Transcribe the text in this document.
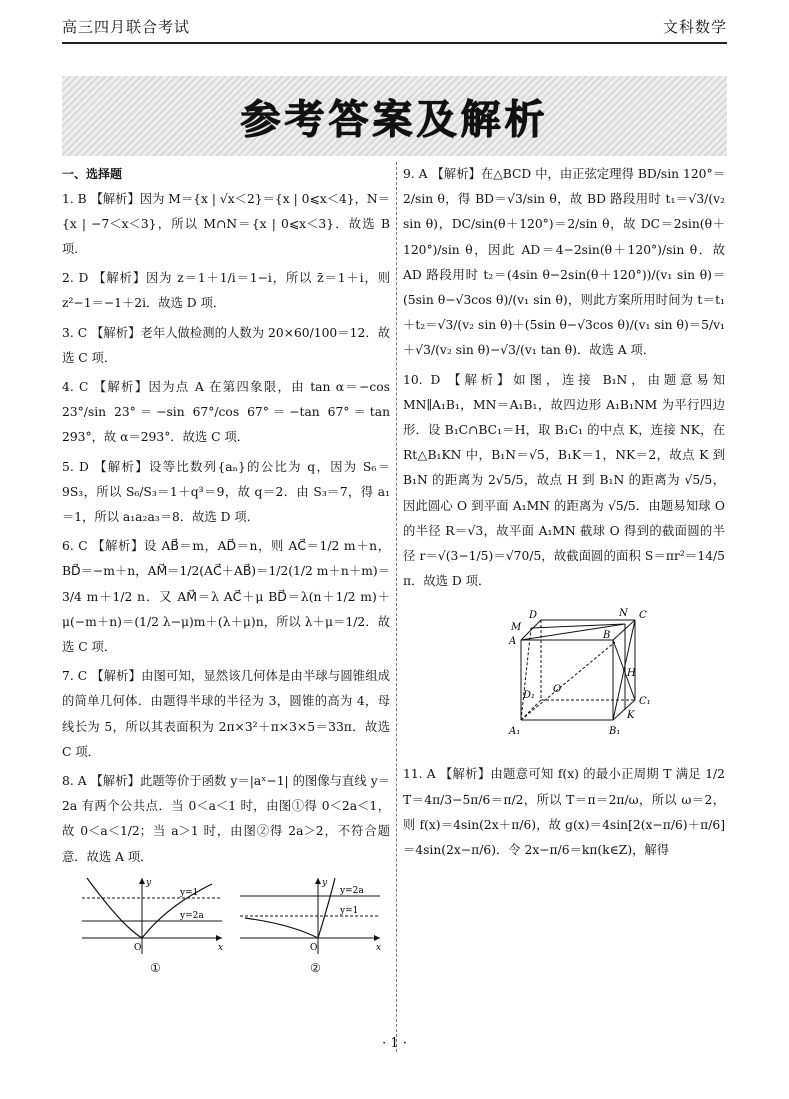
高三四月联合考试	文科数学
参考答案及解析
一、选择题
1. B 【解析】因为 M＝{x | √x＜2}＝{x | 0⩽x＜4}，N＝{x | −7＜x＜3}，所以 M∩N＝{x | 0⩽x＜3}．故选 B 项．
2. D 【解析】因为 z＝1＋1/i＝1−i，所以 z̄＝1＋i，则 z²−1＝−1＋2i．故选 D 项．
3. C 【解析】老年人做检测的人数为 20×60/100＝12．故选 C 项．
4. C 【解析】因为点 A 在第四象限，由 tan α＝−cos 23°/sin 23°＝−sin 67°/cos 67°＝−tan 67°＝tan 293°，故 α＝293°．故选 C 项．
5. D 【解析】设等比数列{aₙ}的公比为 q，因为 S₆＝9S₃，所以 S₆/S₃＝1＋q³＝9，故 q＝2．由 S₃＝7，得 a₁＝1，所以 a₁a₂a₃＝8．故选 D 项．
6. C 【解析】设 AB⃗＝m，AD⃗＝n，则 AC⃗＝1/2 m＋n，BD⃗＝−m＋n，AM⃗＝1/2(AC⃗＋AB⃗)＝1/2(1/2 m＋n＋m)＝3/4 m＋1/2 n．又 AM⃗＝λ AC⃗＋μ BD⃗＝λ(n＋1/2 m)＋μ(−m＋n)＝(1/2 λ−μ)m＋(λ＋μ)n，所以 λ＋μ＝1/2．故选 C 项．
7. C 【解析】由图可知，显然该几何体是由半球与圆锥组成的简单几何体．由题得半球的半径为 3，圆锥的高为 4，母线长为 5，所以其表面积为 2π×3²＋π×3×5＝33π．故选 C 项．
8. A 【解析】此题等价于函数 y＝|aˣ−1| 的图像与直线 y＝2a 有两个公共点．当 0＜a＜1 时，由图①得 0＜2a＜1，故 0＜a＜1/2；当 a＞1 时，由图②得 2a＞2，不符合题意．故选 A 项．
y=1
y=2a
O	x
y
y=2a
y=1
O	x
y
①	②
9. A 【解析】在△BCD 中，由正弦定理得 BD/sin 120°＝2/sin θ，得 BD＝√3/sin θ，故 BD 路段用时 t₁＝√3/(v₂ sin θ)，DC/sin(θ＋120°)＝2/sin θ，故 DC＝2sin(θ＋120°)/sin θ，因此 AD＝4−2sin(θ＋120°)/sin θ．故 AD 路段用时 t₂＝(4sin θ−2sin(θ＋120°))/(v₁ sin θ)＝(5sin θ−√3cos θ)/(v₁ sin θ)，则此方案所用时间为 t＝t₁＋t₂＝√3/(v₂ sin θ)＋(5sin θ−√3cos θ)/(v₁ sin θ)＝5/v₁＋√3/(v₂ sin θ)−√3/(v₁ tan θ)．故选 A 项．
10. D 【解析】如图，连接 B₁N，由题意易知 MN∥A₁B₁，MN＝A₁B₁，故四边形 A₁B₁NM 为平行四边形．设 B₁C∩BC₁＝H，取 B₁C₁ 的中点 K，连接 NK，在 Rt△B₁KN 中，B₁N＝√5，B₁K＝1，NK＝2，故点 K 到 B₁N 的距离为 2√5/5，故点 H 到 B₁N 的距离为 √5/5，因此圆心 O 到平面 A₁MN 的距离为 √5/5．由题易知球 O 的半径 R＝√3，故平面 A₁MN 截球 O 得到的截面圆的半径 r＝√(3−1/5)＝√70/5，故截面圆的面积 S＝πr²＝14/5 π．故选 D 项．
D
M
N C
A
B
H
D₁
O
C₁
A₁	B₁
K
11. A 【解析】由题意可知 f(x) 的最小正周期 T 满足 1/2 T＝4π/3−5π/6＝π/2，所以 T＝π＝2π/ω，所以 ω＝2，则 f(x)＝4sin(2x＋π/6)，故 g(x)＝4sin[2(x−π/6)＋π/6]＝4sin(2x−π/6)．令 2x−π/6＝kπ(k∈Z)，解得
· 1 ·
